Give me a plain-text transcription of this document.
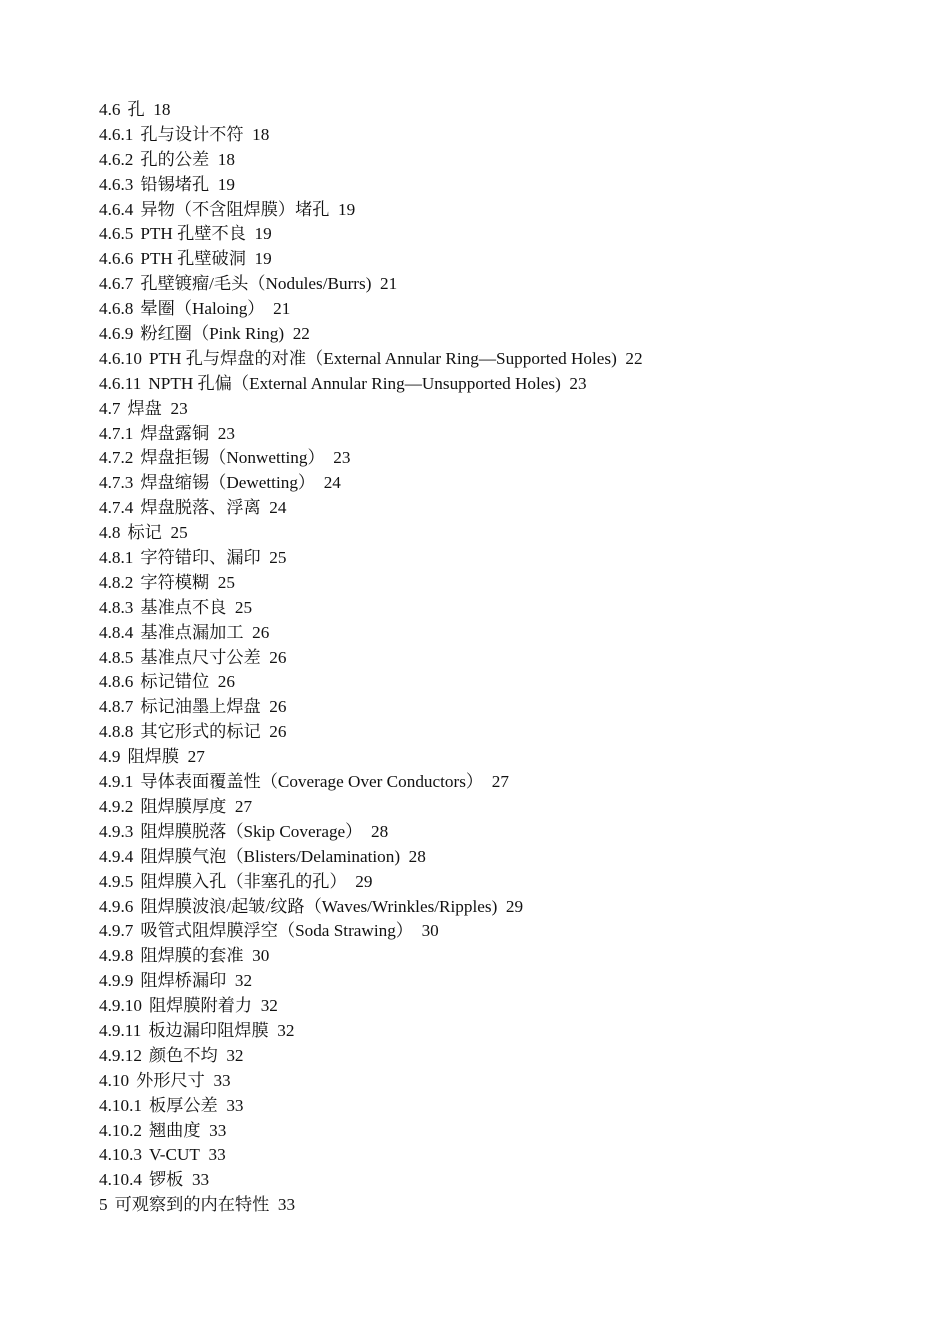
4.6 孔 18
4.6.1 孔与设计不符 18
4.6.2 孔的公差 18
4.6.3 铅锡堵孔 19
4.6.4 异物（不含阻焊膜）堵孔 19
4.6.5 PTH 孔壁不良 19
4.6.6 PTH 孔壁破洞 19
4.6.7 孔壁镀瘤/毛头（Nodules/Burrs) 21
4.6.8 晕圈（Haloing） 21
4.6.9 粉红圈（Pink Ring) 22
4.6.10 PTH 孔与焊盘的对准（External Annular Ring—Supported Holes) 22
4.6.11 NPTH 孔偏（External Annular Ring—Unsupported Holes) 23
4.7 焊盘 23
4.7.1 焊盘露铜 23
4.7.2 焊盘拒锡（Nonwetting） 23
4.7.3 焊盘缩锡（Dewetting） 24
4.7.4 焊盘脱落、浮离 24
4.8 标记 25
4.8.1 字符错印、漏印 25
4.8.2 字符模糊 25
4.8.3 基准点不良 25
4.8.4 基准点漏加工 26
4.8.5 基准点尺寸公差 26
4.8.6 标记错位 26
4.8.7 标记油墨上焊盘 26
4.8.8 其它形式的标记 26
4.9 阻焊膜 27
4.9.1 导体表面覆盖性（Coverage Over Conductors） 27
4.9.2 阻焊膜厚度 27
4.9.3 阻焊膜脱落（Skip Coverage） 28
4.9.4 阻焊膜气泡（Blisters/Delamination) 28
4.9.5 阻焊膜入孔（非塞孔的孔） 29
4.9.6 阻焊膜波浪/起皱/纹路（Waves/Wrinkles/Ripples) 29
4.9.7 吸管式阻焊膜浮空（Soda Strawing） 30
4.9.8 阻焊膜的套准 30
4.9.9 阻焊桥漏印 32
4.9.10 阻焊膜附着力 32
4.9.11 板边漏印阻焊膜 32
4.9.12 颜色不均 32
4.10 外形尺寸 33
4.10.1 板厚公差 33
4.10.2 翘曲度 33
4.10.3 V-CUT 33
4.10.4 锣板 33
5 可观察到的内在特性 33
